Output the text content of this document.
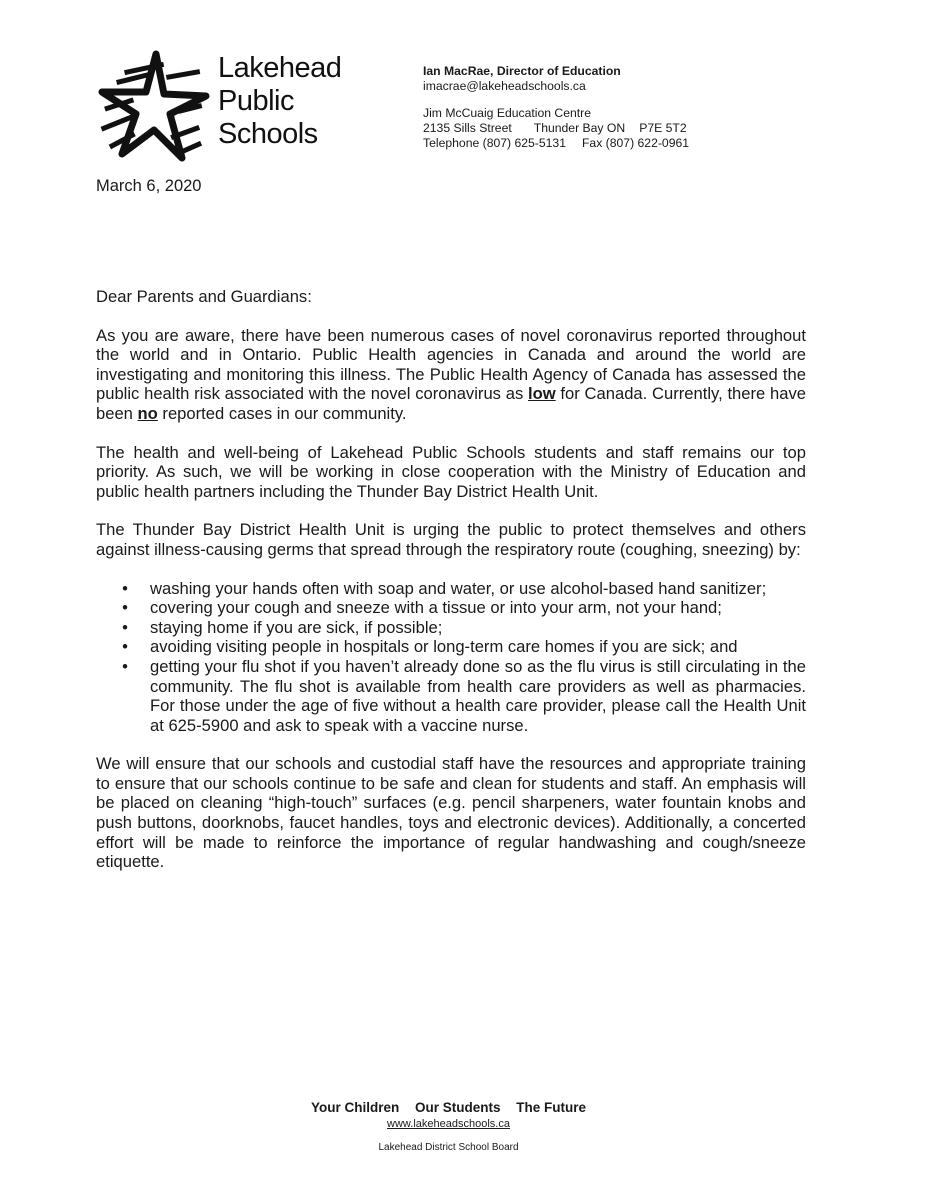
Lakehead
Public
Schools
Ian MacRae, Director of Education
imacrae@lakeheadschools.ca
Jim McCuaig Education Centre
2135 Sills Street Thunder Bay ON P7E 5T2
Telephone (807) 625-5131 Fax (807) 622-0961
March 6, 2020

Dear Parents and Guardians:

As you are aware, there have been numerous cases of novel coronavirus reported throughout the world and in Ontario. Public Health agencies in Canada and around the world are investigating and monitoring this illness. The Public Health Agency of Canada has assessed the public health risk associated with the novel coronavirus as low for Canada. Currently, there have been no reported cases in our community.

The health and well-being of Lakehead Public Schools students and staff remains our top priority. As such, we will be working in close cooperation with the Ministry of Education and public health partners including the Thunder Bay District Health Unit.

The Thunder Bay District Health Unit is urging the public to protect themselves and others against illness-causing germs that spread through the respiratory route (coughing, sneezing) by:

• washing your hands often with soap and water, or use alcohol-based hand sanitizer;
• covering your cough and sneeze with a tissue or into your arm, not your hand;
• staying home if you are sick, if possible;
• avoiding visiting people in hospitals or long-term care homes if you are sick; and
• getting your flu shot if you haven’t already done so as the flu virus is still circulating in the community. The flu shot is available from health care providers as well as pharmacies. For those under the age of five without a health care provider, please call the Health Unit at 625-5900 and ask to speak with a vaccine nurse.

We will ensure that our schools and custodial staff have the resources and appropriate training to ensure that our schools continue to be safe and clean for students and staff. An emphasis will be placed on cleaning “high-touch” surfaces (e.g. pencil sharpeners, water fountain knobs and push buttons, doorknobs, faucet handles, toys and electronic devices). Additionally, a concerted effort will be made to reinforce the importance of regular handwashing and cough/sneeze etiquette.

Your Children Our Students The Future
www.lakeheadschools.ca
Lakehead District School Board
